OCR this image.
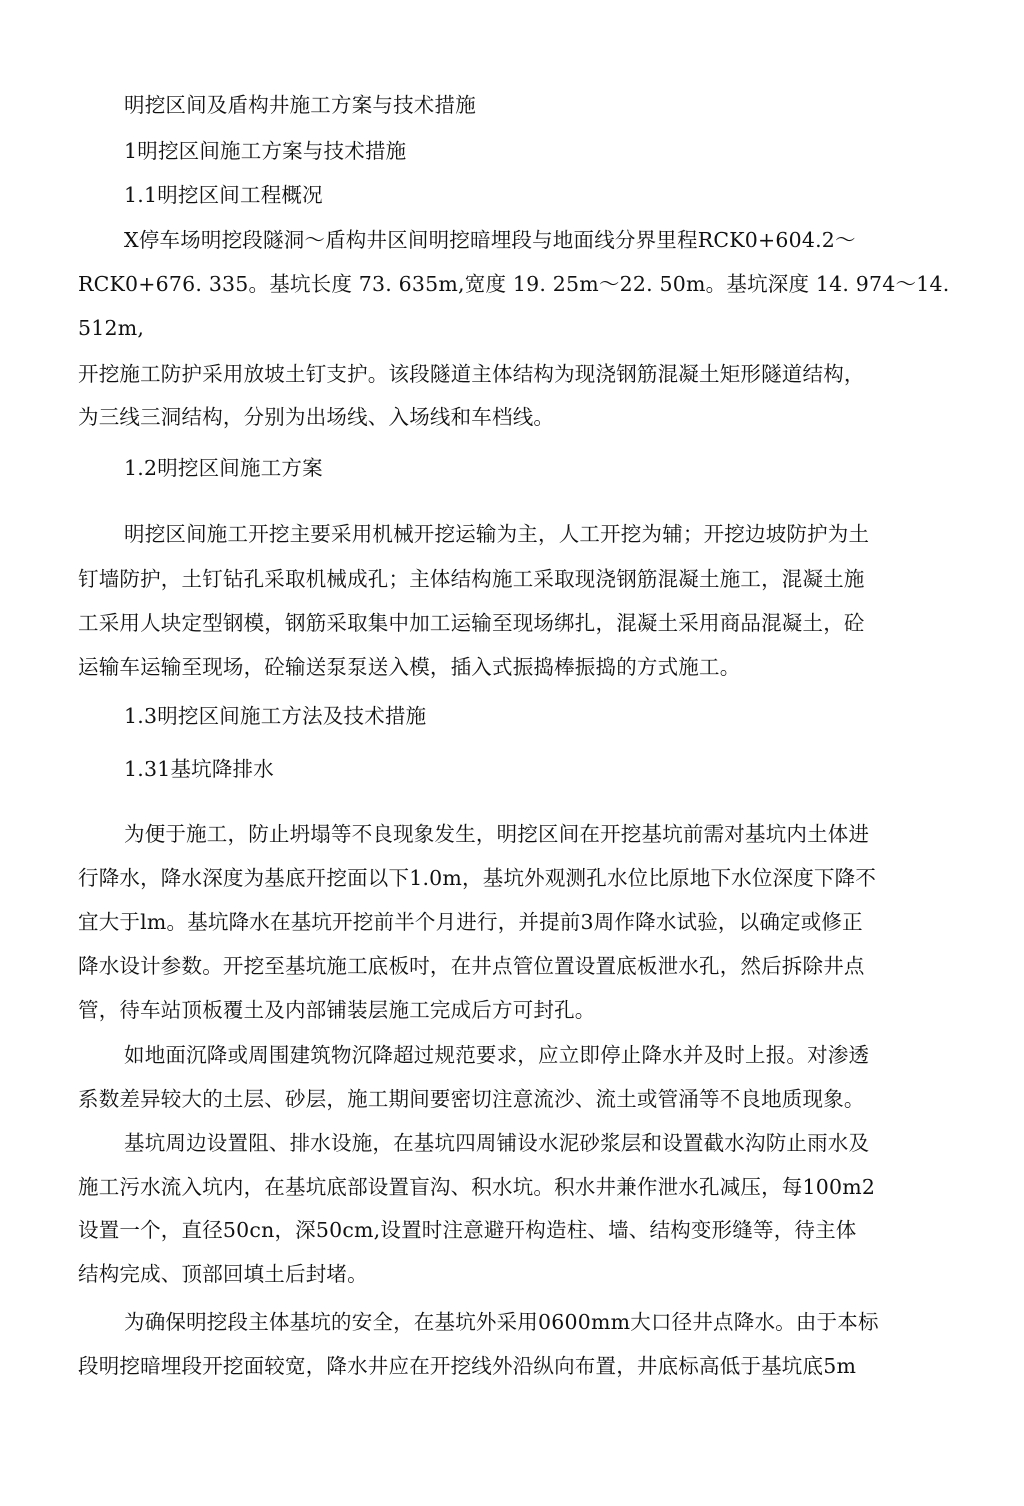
明挖区间及盾构井施工方案与技术措施

1明挖区间施工方案与技术措施

1.1明挖区间工程概况

X停车场明挖段隧洞～盾构井区间明挖暗埋段与地面线分界里程RCK0+604.2～

RCK0+676. 335。基坑长度 73. 635m,宽度 19. 25m～22. 50m。基坑深度 14. 974～14.

512m,

开挖施工防护采用放坡土钉支护。该段隧道主体结构为现浇钢筋混凝土矩形隧道结构，

为三线三洞结构，分别为出场线、入场线和车档线。

1.2明挖区间施工方案

明挖区间施工开挖主要采用机械开挖运输为主，人工开挖为辅；开挖边坡防护为土

钉墙防护，土钉钻孔采取机械成孔；主体结构施工采取现浇钢筋混凝土施工，混凝土施

工采用人块定型钢模，钢筋采取集中加工运输至现场绑扎，混凝土采用商品混凝土，砼

运输车运输至现场，砼输送泵泵送入模，插入式振捣棒振捣的方式施工。

1.3明挖区间施工方法及技术措施

1.31基坑降排水

为便于施工，防止坍塌等不良现象发生，明挖区间在开挖基坑前需对基坑内土体进

行降水，降水深度为基底幵挖面以下1.0m，基坑外观测孔水位比原地下水位深度下降不

宜大于lm。基坑降水在基坑开挖前半个月进行，并提前3周作降水试验，以确定或修正

降水设计参数。开挖至基坑施工底板吋，在井点管位置设置底板泄水孔，然后拆除井点

管，待车站顶板覆土及内部铺装层施工完成后方可封孔。

如地面沉降或周围建筑物沉降超过规范要求，应立即停止降水并及时上报。对渗透

系数差异较大的土层、砂层，施工期间要密切注意流沙、流土或管涌等不良地质现象。

基坑周边设置阻、排水设施，在基坑四周铺设水泥砂浆层和设置截水沟防止雨水及

施工污水流入坑内，在基坑底部设置盲沟、积水坑。积水井兼作泄水孔减压，每100m2

设置一个，直径50cn，深50cm,设置时注意避幵构造柱、墙、结构变形缝等，待主体

结构完成、顶部回填土后封堵。

为确保明挖段主体基坑的安全，在基坑外采用0600mm大口径井点降水。由于本标

段明挖暗埋段开挖面较宽，降水井应在开挖线外沿纵向布置，井底标高低于基坑底5m
